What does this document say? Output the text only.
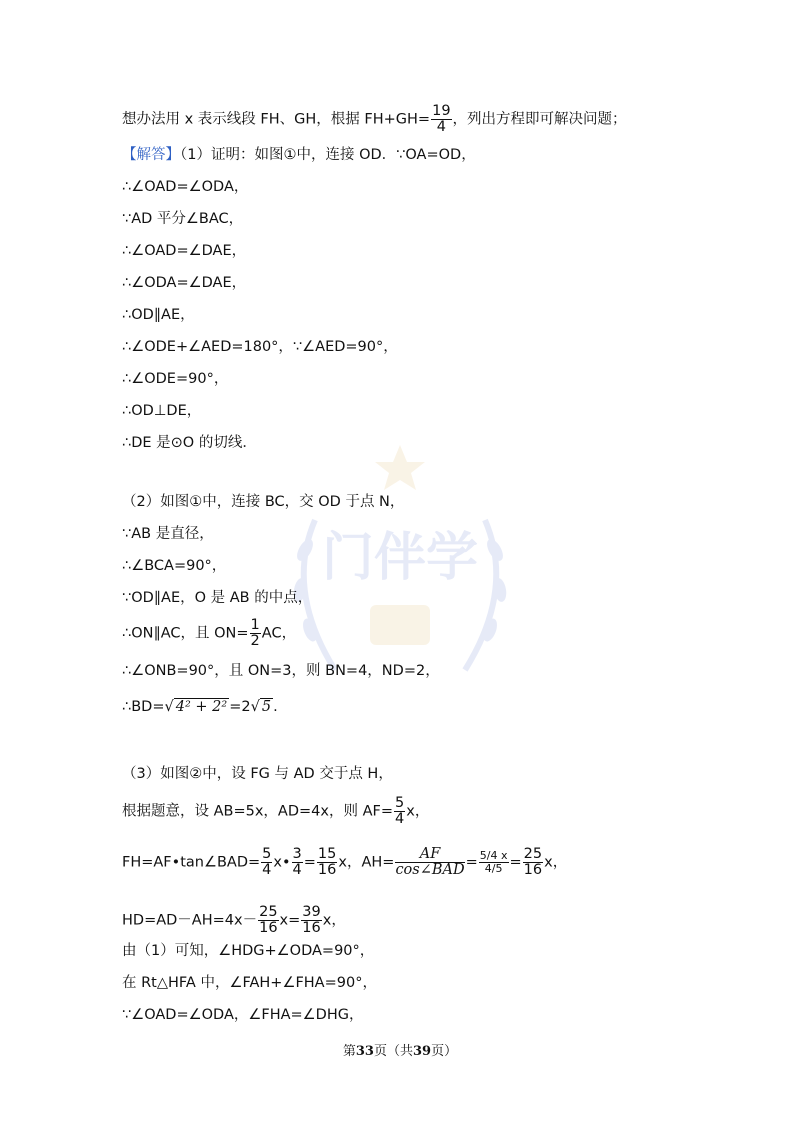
门伴学
想办法用 x 表示线段 FH、GH，根据 $FH+GH= \frac{19}{4}$ ，列出方程即可解决问题；
【解答】（1）证明：如图①中，连接 OD．∵OA=OD，
∴∠OAD=∠ODA，
∵AD 平分∠BAC，
∴∠OAD=∠DAE，
∴∠ODA=∠DAE，
∴OD∥AE，
∴∠ODE+∠AED=180°，∵∠AED=90°，
∴∠ODE=90°，
∴OD⊥DE，
∴DE 是⊙O 的切线．
（2）如图①中，连接 BC，交 OD 于点 N，
∵AB 是直径，
∴∠BCA=90°，
∵OD∥AE，O 是 AB 的中点，
∴ON∥AC，且 $ON= \frac{1}{2}$ AC，
∴∠ONB=90°，且 ON=3，则 BN=4，ND=2，
∴BD=√ 4² + 2² =2√ 5 .
（3）如图②中，设 FG 与 AD 交于点 H，
根据题意，设 AB=5x，AD=4x，则 $AF= \frac{5}{4}$ x，
FH=AF•tan∠BAD= $\frac{5}{4}$ x• $\frac{3}{4} = \frac{15}{16}$ x，AH=
AF
cos∠BAD = $\frac{5/4 x}{4/5} = \frac{25}{16}$ x，
$HD=AD-AH=4x- \frac{25}{16} x= \frac{39}{16}$ x，
由（1）可知，∠HDG+∠ODA=90°，
在 Rt△HFA 中，∠FAH+∠FHA=90°，
∵∠OAD=∠ODA，∠FHA=∠DHG，
第33页（共39页）
